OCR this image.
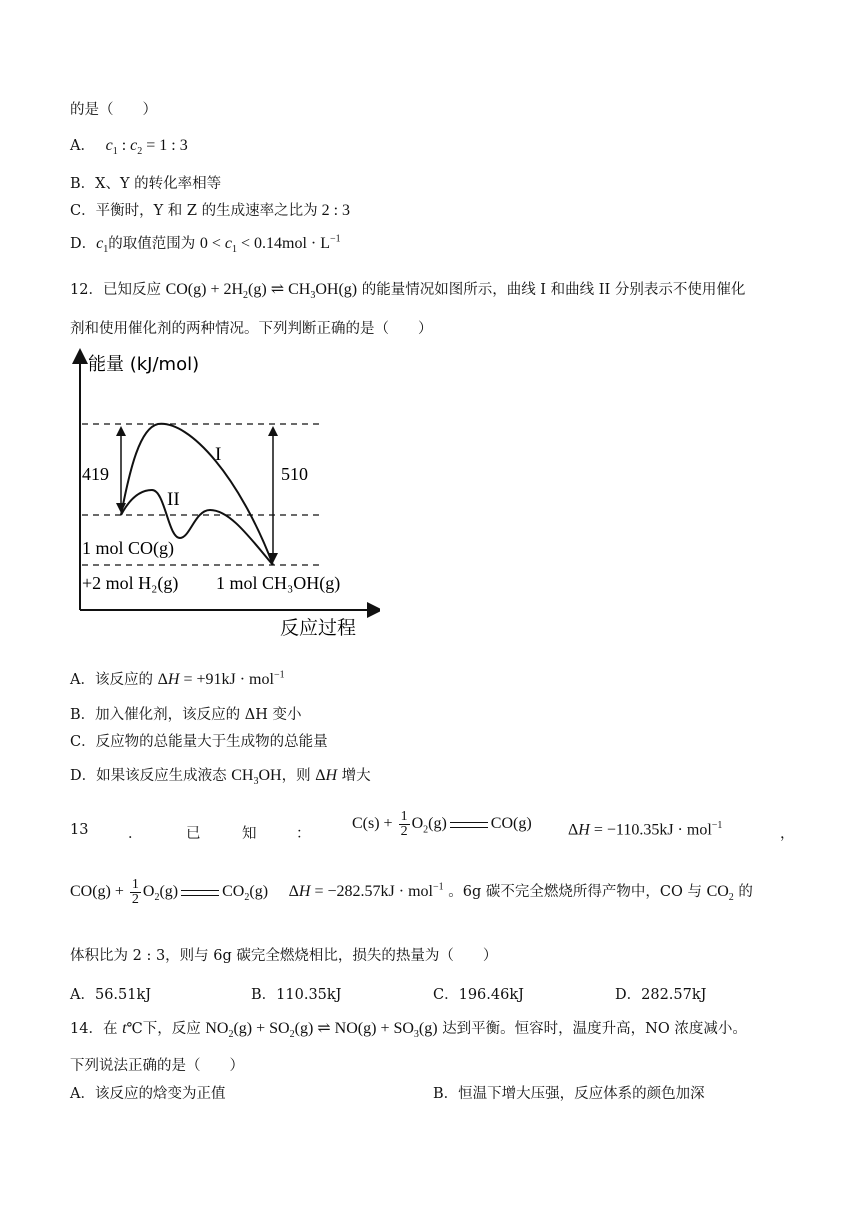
的是（　　）
A． $c_1$ : $c_2 = 1$ : 3
B．X、Y 的转化率相等
C．平衡时，Y 和 Z 的生成速率之比为 2 : 3
D．$c_1$的取值范围为 $0 < c_1 < 0.14mol \cdot L^{-1}$
12．已知反应 $CO(g) + 2H_2(g)$ ⇌ $CH_3OH(g)$ 的能量情况如图所示，曲线 I 和曲线 II 分别表示不使用催化
剂和使用催化剂的两种情况。下列判断正确的是（　　）
能量 (kJ/mol)
反应过程
419	510
I
II
1 mol CO(g)
+2 mol H₂(g) 1 mol CH₃OH(g)
A．该反应的 ΔH = +91kJ · mol$^{-1}$
B．加入催化剂，该反应的 ΔH 变小
C．反应物的总能量大于生成物的总能量
D．如果该反应生成液态 $CH_3OH$，则 ΔH 增大
13	．	已	知	：
$C(s) + \frac{1}{2} O_2(g)$	CO(g) ΔH = −110.35kJ · mol$^{-1}$
，
$CO(g) + \frac{1}{2} O_2(g)$	$CO_2(g) \Delta H = -282.57kJ \cdot mol^{-1}$ 。6g 碳不完全燃烧所得产物中，CO 与 $CO_2$ 的
体积比为 2 : 3，则与 6g 碳完全燃烧相比，损失的热量为（　　）
A．56.51kJ	B．110.35kJ	C．196.46kJ	D．282.57kJ
14．在 t℃下，反应 $NO_2(g) + SO_2(g)$ ⇌ $NO(g) + SO_3(g)$ 达到平衡。恒容时，温度升高，NO 浓度减小。
下列说法正确的是（　　）
A．该反应的焓变为正值	B．恒温下增大压强，反应体系的颜色加深
